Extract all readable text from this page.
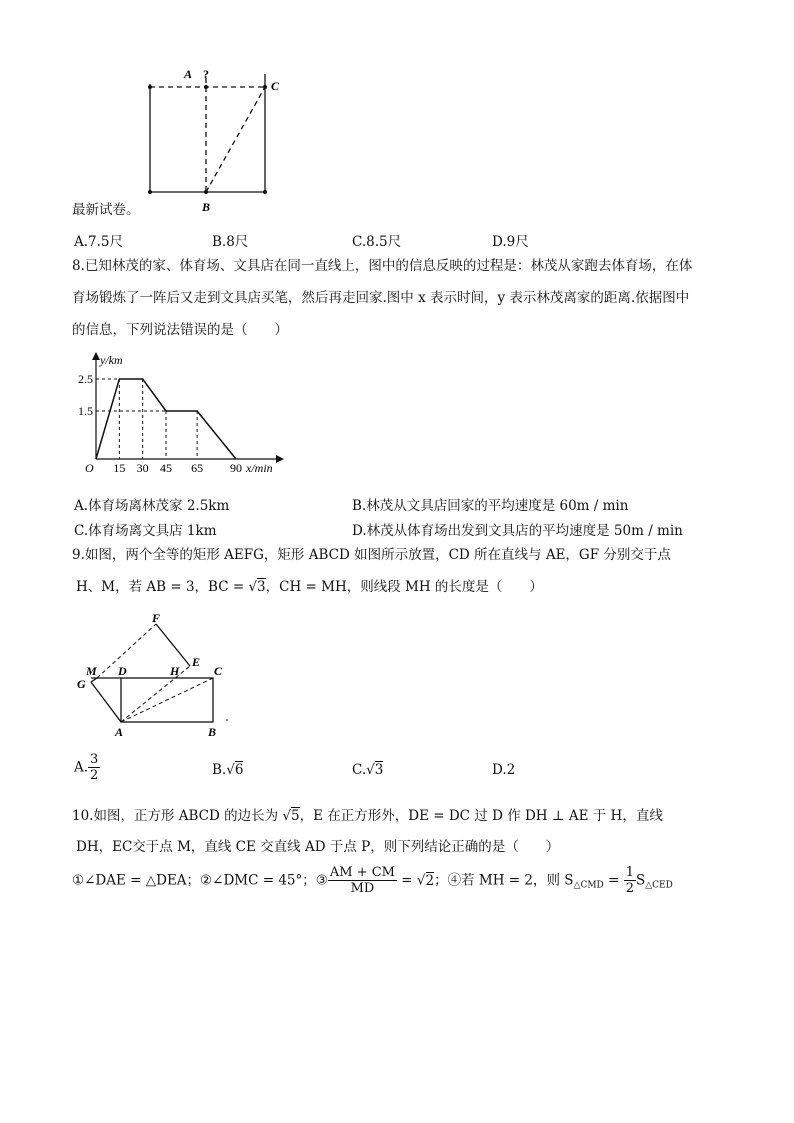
A ?
C
B
最新试卷。
A.7.5尺	B.8尺	C.8.5尺	D.9尺
8.已知林茂的家、体育场、文具店在同一直线上，图中的信息反映的过程是：林茂从家跑去体育场，在体
育场锻炼了一阵后又走到文具店买笔，然后再走回家.图中 x 表示时间，y 表示林茂离家的距离.依据图中
的信息，下列说法错误的是（　　）
y/km
x/min
O
1.5
2.5
15 30 45 65 90
A.体育场离林茂家 2.5km	B.林茂从文具店回家的平均速度是 60m / min
C.体育场离文具店 1km	D.林茂从体育场出发到文具店的平均速度是 50m / min
9.如图，两个全等的矩形 AEFG，矩形 ABCD 如图所示放置，CD 所在直线与 AE，GF 分别交于点
H、M，若 AB = 3，BC = √3，CH = MH，则线段 MH 的长度是（　　）
F
M D	H
E
C
G
A	B
A. $\frac{3}{2}$	B.√6	C.√3	D.2
10.如图，正方形 ABCD 的边长为 √5，E 在正方形外，DE = DC 过 D 作 DH ⊥ AE 于 H，直线
DH，EC交于点 M，直线 CE 交直线 AD 于点 P，则下列结论正确的是（　　）
①∠DAE = △DEA；②∠DMC = 45°；③ $\frac{AM + CM}{MD} = √2$；④若 MH = 2，则 $S_{\triangle CMD} = \frac{1}{2} S_{\triangle CED}$
